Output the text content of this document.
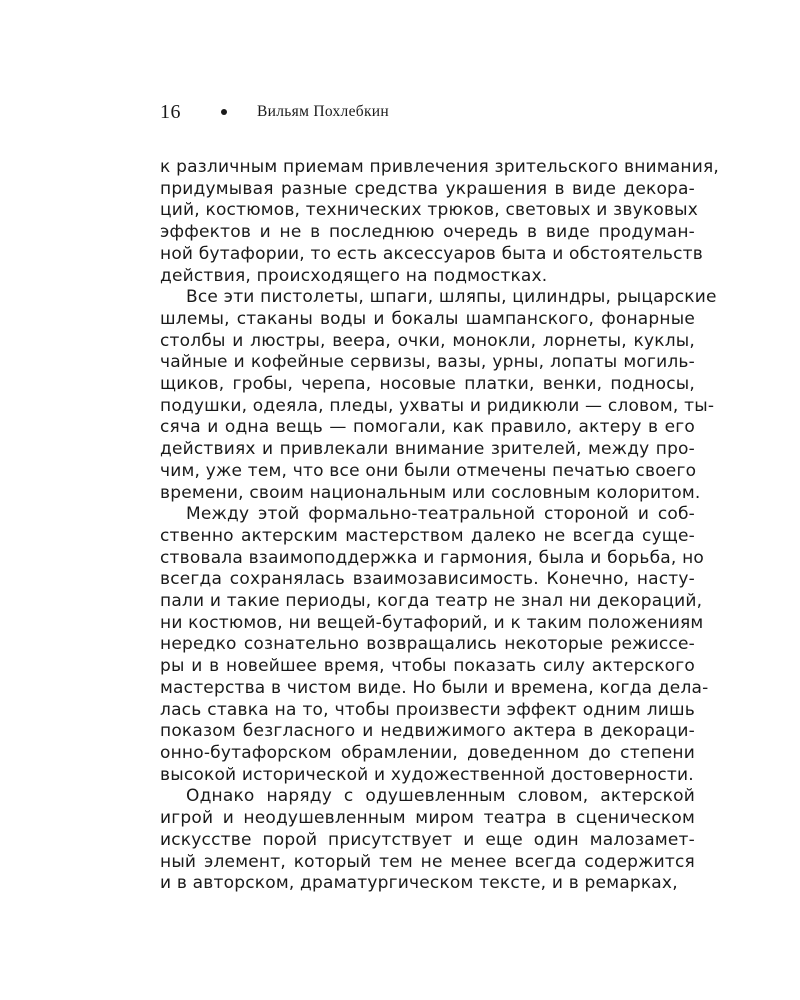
16	Вильям Похлебкин

к различным приемам привлечения зрительского внимания,
придумывая разные средства украшения в виде декора-
ций, костюмов, технических трюков, световых и звуковых
эффектов и не в последнюю очередь в виде продуман-
ной бутафории, то есть аксессуаров быта и обстоятельств
действия, происходящего на подмостках.

Все эти пистолеты, шпаги, шляпы, цилиндры, рыцарские
шлемы, стаканы воды и бокалы шампанского, фонарные
столбы и люстры, веера, очки, монокли, лорнеты, куклы,
чайные и кофейные сервизы, вазы, урны, лопаты могиль-
щиков, гробы, черепа, носовые платки, венки, подносы,
подушки, одеяла, пледы, ухваты и ридикюли — словом, ты-
сяча и одна вещь — помогали, как правило, актеру в его
действиях и привлекали внимание зрителей, между про-
чим, уже тем, что все они были отмечены печатью своего
времени, своим национальным или сословным колоритом.

Между этой формально-театральной стороной и соб-
ственно актерским мастерством далеко не всегда суще-
ствовала взаимоподдержка и гармония, была и борьба, но
всегда сохранялась взаимозависимость. Конечно, насту-
пали и такие периоды, когда театр не знал ни декораций,
ни костюмов, ни вещей-бутафорий, и к таким положениям
нередко сознательно возвращались некоторые режиссе-
ры и в новейшее время, чтобы показать силу актерского
мастерства в чистом виде. Но были и времена, когда дела-
лась ставка на то, чтобы произвести эффект одним лишь
показом безгласного и недвижимого актера в декораци-
онно-бутафорском обрамлении, доведенном до степени
высокой исторической и художественной достоверности.

Однако наряду с одушевленным словом, актерской
игрой и неодушевленным миром театра в сценическом
искусстве порой присутствует и еще один малозамет-
ный элемент, который тем не менее всегда содержится
и в авторском, драматургическом тексте, и в ремарках,
